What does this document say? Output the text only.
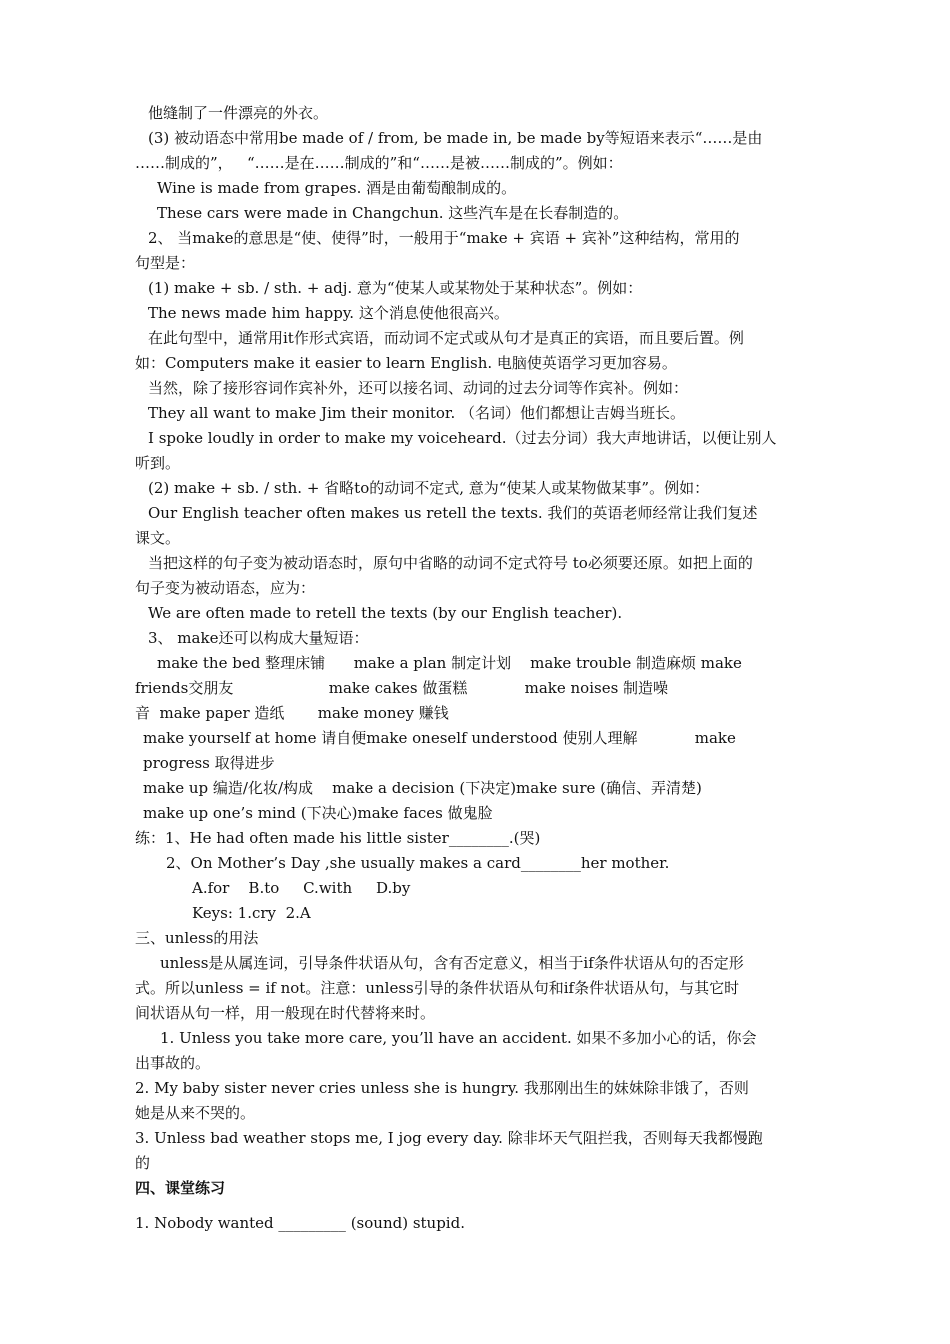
他缝制了一件漂亮的外衣。
(3) 被动语态中常用be made of / from, be made in, be made by等短语来表示“……是由
……制成的”，   “……是在……制成的”和“……是被……制成的”。例如：
Wine is made from grapes. 酒是由葡萄酿制成的。
These cars were made in Changchun. 这些汽车是在长春制造的。
2、 当make的意思是“使、使得”时，一般用于“make + 宾语 + 宾补”这种结构，常用的
句型是：
(1) make + sb. / sth. + adj. 意为“使某人或某物处于某种状态”。例如：
The news made him happy. 这个消息使他很高兴。
在此句型中，通常用it作形式宾语，而动词不定式或从句才是真正的宾语，而且要后置。例
如：Computers make it easier to learn English. 电脑使英语学习更加容易。
当然，除了接形容词作宾补外，还可以接名词、动词的过去分词等作宾补。例如：
They all want to make Jim their monitor. （名词）他们都想让吉姆当班长。
I spoke loudly in order to make my voiceheard.（过去分词）我大声地讲话，以便让别人
听到。
(2) make + sb. / sth. + 省略to的动词不定式, 意为“使某人或某物做某事”。例如：
Our English teacher often makes us retell the texts. 我们的英语老师经常让我们复述
课文。
当把这样的句子变为被动语态时，原句中省略的动词不定式符号 to必须要还原。如把上面的
句子变为被动语态，应为：
We are often made to retell the texts (by our English teacher).
3、 make还可以构成大量短语：
make the bed 整理床铺      make a plan 制定计划    make trouble 制造麻烦 make
friends交朋友                    make cakes 做蛋糕            make noises 制造噪
音  make paper 造纸       make money 赚钱
make yourself at home 请自便make oneself understood 使别人理解            make
progress 取得进步
make up 编造/化妆/构成    make a decision (下决定)make sure (确信、弄清楚)
make up one’s mind (下决心)make faces 做鬼脸
练：1、He had often made his little sister________.(哭)
2、On Mother’s Day ,she usually makes a card________her mother.
A.for    B.to     C.with     D.by
Keys: 1.cry  2.A
三、unless的用法
unless是从属连词，引导条件状语从句，含有否定意义，相当于if条件状语从句的否定形
式。所以unless = if not。注意：unless引导的条件状语从句和if条件状语从句，与其它时
间状语从句一样，用一般现在时代替将来时。
1. Unless you take more care, you’ll have an accident. 如果不多加小心的话，你会
出事故的。
2. My baby sister never cries unless she is hungry. 我那刚出生的妹妹除非饿了，否则
她是从来不哭的。
3. Unless bad weather stops me, I jog every day. 除非坏天气阻拦我，否则每天我都慢跑
的
四、课堂练习
1. Nobody wanted _________ (sound) stupid.
